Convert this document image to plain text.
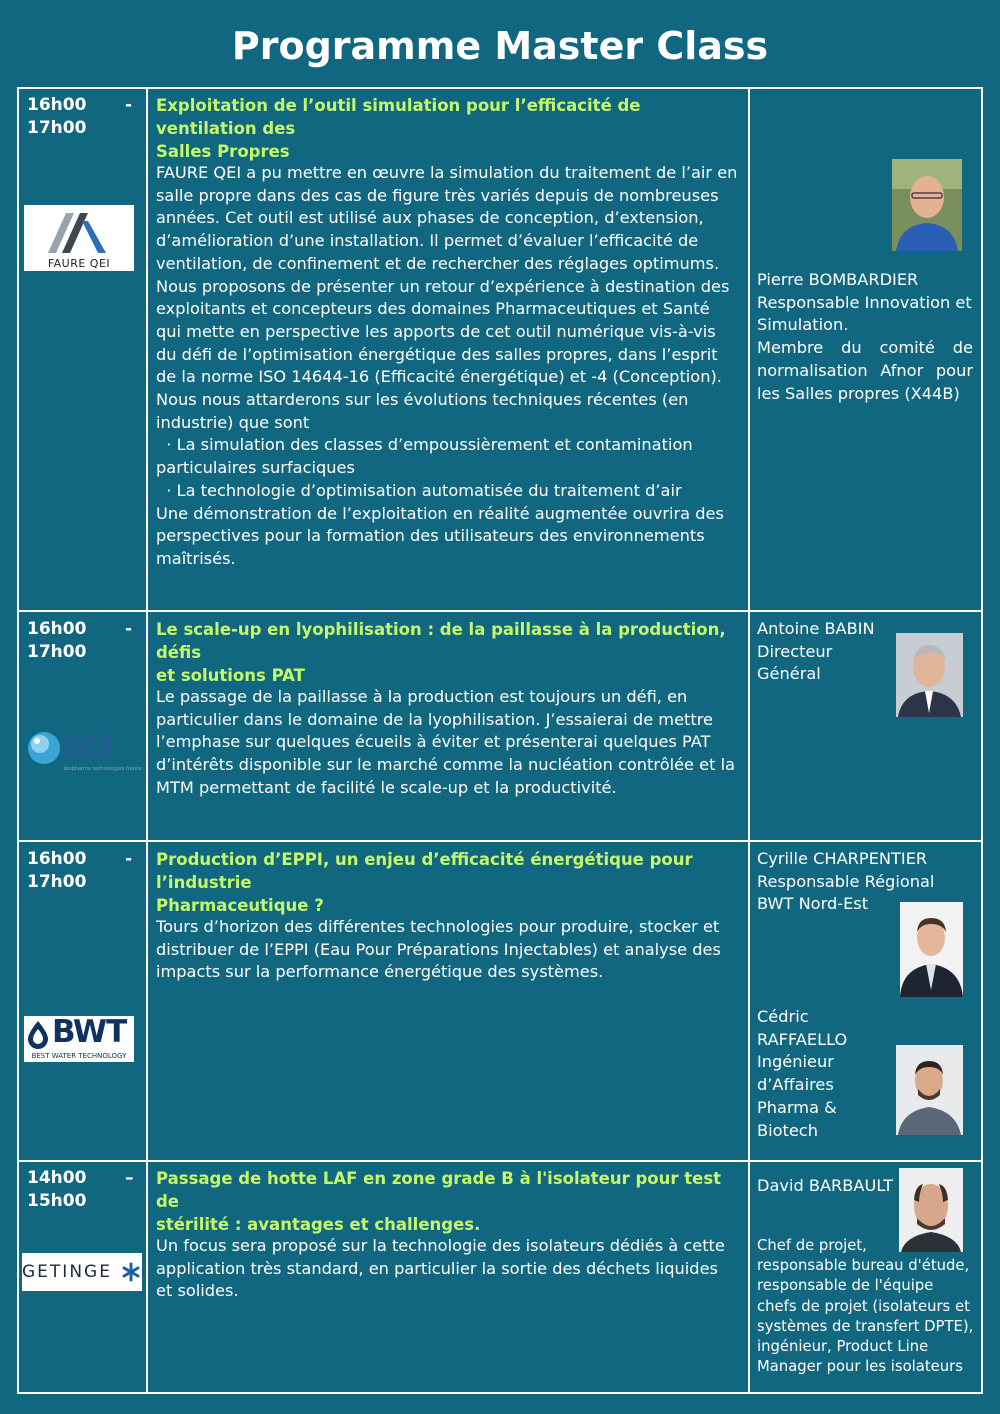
Programme Master Class
16h00
17h00
-
FAURE QEI
Exploitation de l’outil simulation pour l’efficacité de ventilation des
Salles Propres
FAURE QEI a pu mettre en œuvre la simulation du traitement de l’air en
salle propre dans des cas de figure très variés depuis de nombreuses
années. Cet outil est utilisé aux phases de conception, d’extension,
d’amélioration d’une installation. Il permet d’évaluer l’efficacité de
ventilation, de confinement et de rechercher des réglages optimums.
Nous proposons de présenter un retour d’expérience à destination des
exploitants et concepteurs des domaines Pharmaceutiques et Santé
qui mette en perspective les apports de cet outil numérique vis-à-vis
du défi de l’optimisation énergétique des salles propres, dans l’esprit
de la norme ISO 14644-16 (Efficacité énergétique) et -4 (Conception).
Nous nous attarderons sur les évolutions techniques récentes (en
industrie) que sont
· La simulation des classes d’empoussièrement et contamination
particulaires surfaciques
· La technologie d’optimisation automatisée du traitement d’air
Une démonstration de l’exploitation en réalité augmentée ouvrira des
perspectives pour la formation des utilisateurs des environnements
maîtrisés.
Pierre BOMBARDIER
Responsable Innovation et
Simulation.
Membre du comité de
normalisation Afnor pour
les Salles propres (X44B)
16h00
17h00
-
btf
biopharma technologies france
Le scale-up en lyophilisation : de la paillasse à la production, défis
et solutions PAT
Le passage de la paillasse à la production est toujours un défi, en
particulier dans le domaine de la lyophilisation. J’essaierai de mettre
l’emphase sur quelques écueils à éviter et présenterai quelques PAT
d’intérêts disponible sur le marché comme la nucléation contrôlée et la
MTM permettant de facilité le scale-up et la productivité.
Antoine BABIN
Directeur
Général
16h00
17h00
-
BWT
BEST WATER TECHNOLOGY
Production d’EPPI, un enjeu d’efficacité énergétique pour l’industrie
Pharmaceutique ?
Tours d’horizon des différentes technologies pour produire, stocker et
distribuer de l’EPPI (Eau Pour Préparations Injectables) et analyse des
impacts sur la performance énergétique des systèmes.
Cyrille CHARPENTIER
Responsable Régional
BWT Nord-Est
Cédric RAFFAELLO
Ingénieur
d’Affaires
Pharma &
Biotech
14h00
15h00
–
GETINGE
Passage de hotte LAF en zone grade B à l'isolateur pour test de
stérilité : avantages et challenges.
Un focus sera proposé sur la technologie des isolateurs dédiés à cette
application très standard, en particulier la sortie des déchets liquides
et solides.
David BARBAULT
Chef de projet,
responsable bureau d'étude,
responsable de l'équipe
chefs de projet (isolateurs et
systèmes de transfert DPTE),
ingénieur, Product Line
Manager pour les isolateurs
